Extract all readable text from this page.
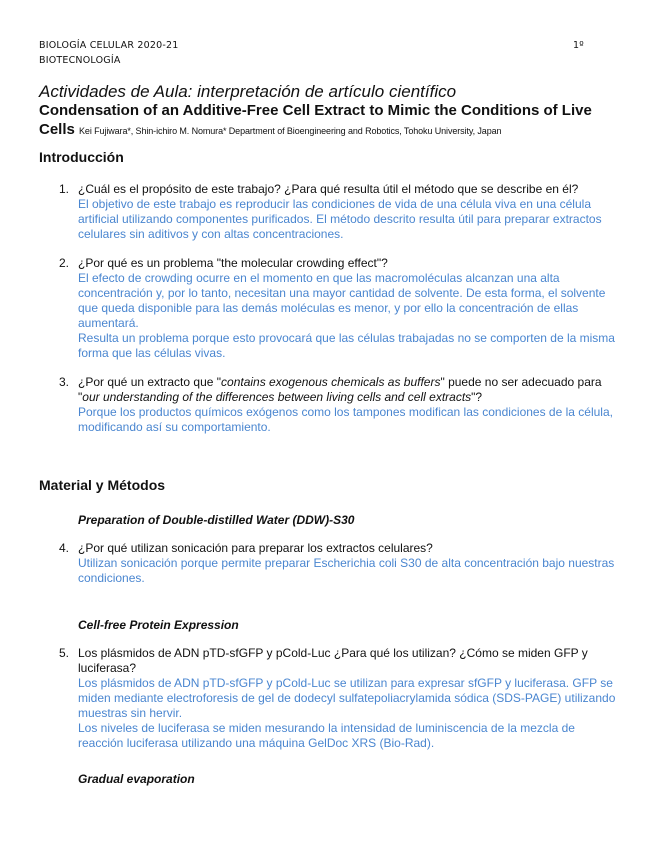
BIOLOGÍA CELULAR 2020-21
BIOTECNOLOGÍA
1º
Actividades de Aula: interpretación de artículo científico
Condensation of an Additive-Free Cell Extract to Mimic the Conditions of Live
Cells Kei Fujiwara*, Shin-ichiro M. Nomura* Department of Bioengineering and Robotics, Tohoku University, Japan
Introducción
1. ¿Cuál es el propósito de este trabajo? ¿Para qué resulta útil el método que se describe en él?
El objetivo de este trabajo es reproducir las condiciones de vida de una célula viva en una célula artificial utilizando componentes purificados. El método descrito resulta útil para preparar extractos celulares sin aditivos y con altas concentraciones.
2. ¿Por qué es un problema "the molecular crowding effect"?
El efecto de crowding ocurre en el momento en que las macromoléculas alcanzan una alta concentración y, por lo tanto, necesitan una mayor cantidad de solvente. De esta forma, el solvente que queda disponible para las demás moléculas es menor, y por ello la concentración de ellas aumentará.
Resulta un problema porque esto provocará que las células trabajadas no se comporten de la misma forma que las células vivas.
3. ¿Por qué un extracto que "contains exogenous chemicals as buffers" puede no ser adecuado para "our understanding of the differences between living cells and cell extracts"?
Porque los productos químicos exógenos como los tampones modifican las condiciones de la célula, modificando así su comportamiento.
Material y Métodos
Preparation of Double-distilled Water (DDW)-S30
4. ¿Por qué utilizan sonicación para preparar los extractos celulares?
Utilizan sonicación porque permite preparar Escherichia coli S30 de alta concentración bajo nuestras condiciones.
Cell-free Protein Expression
5. Los plásmidos de ADN pTD-sfGFP y pCold-Luc ¿Para qué los utilizan? ¿Cómo se miden GFP y luciferasa?
Los plásmidos de ADN pTD-sfGFP y pCold-Luc se utilizan para expresar sfGFP y luciferasa. GFP se miden mediante electroforesis de gel de dodecyl sulfatepoliacrylamida sódica (SDS-PAGE) utilizando muestras sin hervir.
Los niveles de luciferasa se miden mesurando la intensidad de luminiscencia de la mezcla de reacción luciferasa utilizando una máquina GelDoc XRS (Bio-Rad).
Gradual evaporation
